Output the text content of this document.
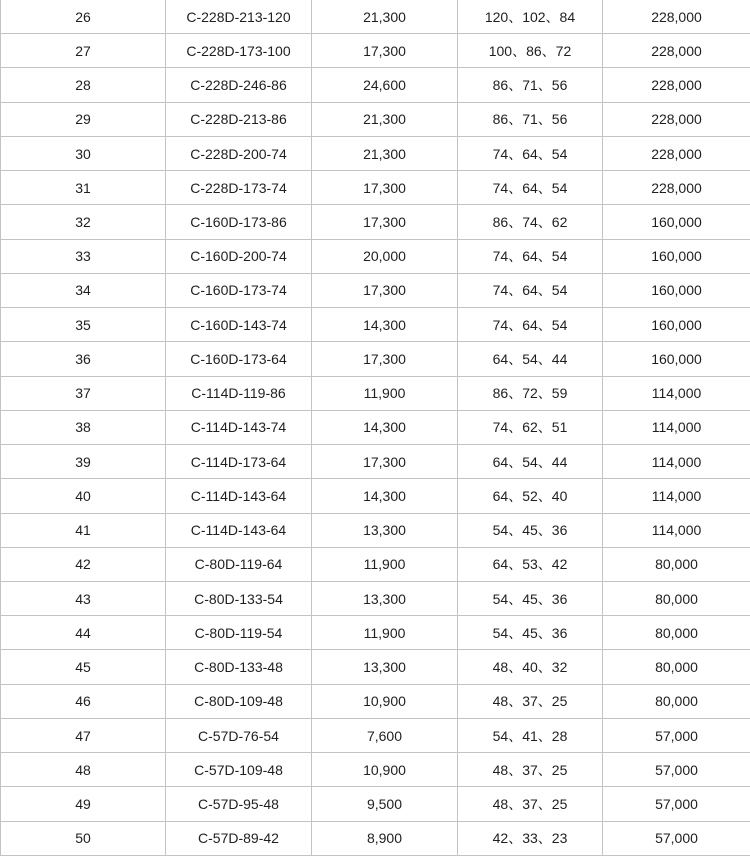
26	C-228D-213-120	21,300	120、102、84	228,000
27	C-228D-173-100	17,300	100、86、72	228,000
28	C-228D-246-86	24,600	86、71、56	228,000
29	C-228D-213-86	21,300	86、71、56	228,000
30	C-228D-200-74	21,300	74、64、54	228,000
31	C-228D-173-74	17,300	74、64、54	228,000
32	C-160D-173-86	17,300	86、74、62	160,000
33	C-160D-200-74	20,000	74、64、54	160,000
34	C-160D-173-74	17,300	74、64、54	160,000
35	C-160D-143-74	14,300	74、64、54	160,000
36	C-160D-173-64	17,300	64、54、44	160,000
37	C-114D-119-86	11,900	86、72、59	114,000
38	C-114D-143-74	14,300	74、62、51	114,000
39	C-114D-173-64	17,300	64、54、44	114,000
40	C-114D-143-64	14,300	64、52、40	114,000
41	C-114D-143-64	13,300	54、45、36	114,000
42	C-80D-119-64	11,900	64、53、42	80,000
43	C-80D-133-54	13,300	54、45、36	80,000
44	C-80D-119-54	11,900	54、45、36	80,000
45	C-80D-133-48	13,300	48、40、32	80,000
46	C-80D-109-48	10,900	48、37、25	80,000
47	C-57D-76-54	7,600	54、41、28	57,000
48	C-57D-109-48	10,900	48、37、25	57,000
49	C-57D-95-48	9,500	48、37、25	57,000
50	C-57D-89-42	8,900	42、33、23	57,000
